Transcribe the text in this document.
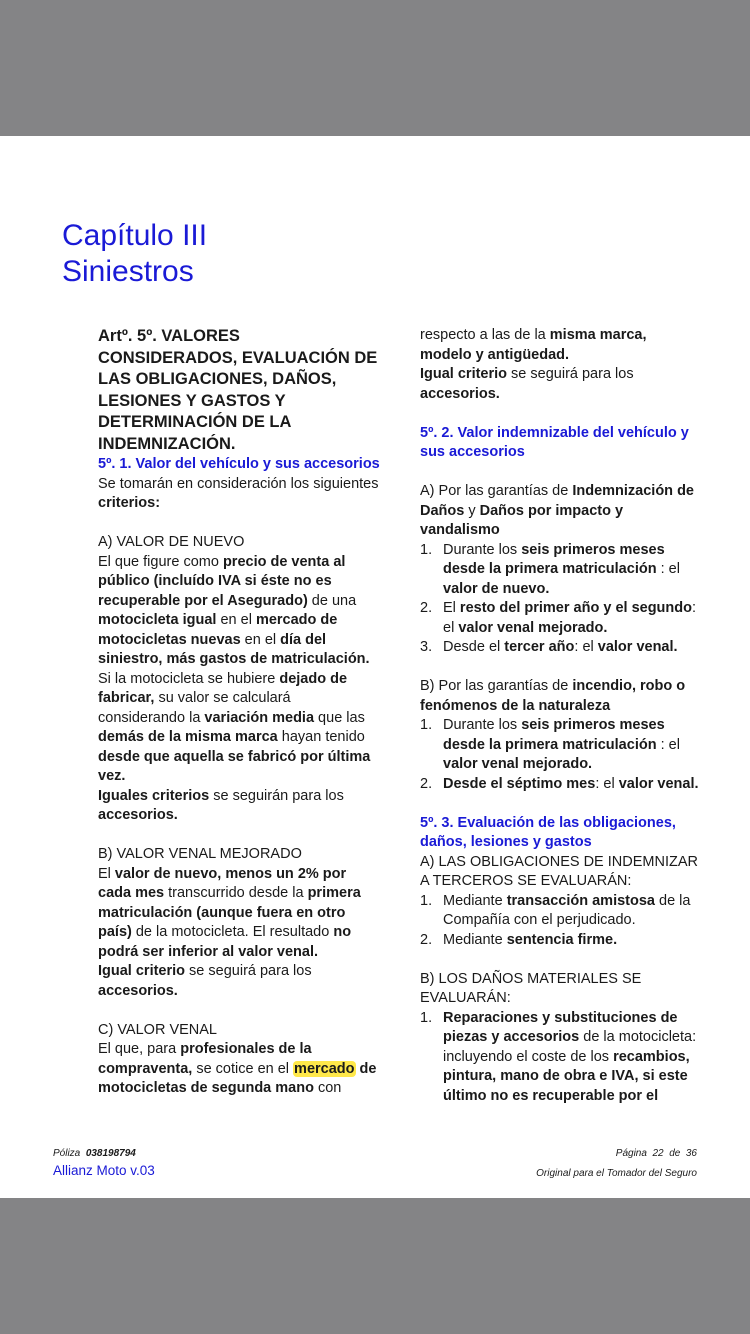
Capítulo III
Siniestros

Artº. 5º. VALORES CONSIDERADOS, EVALUACIÓN DE LAS OBLIGACIONES, DAÑOS, LESIONES Y GASTOS Y DETERMINACIÓN DE LA INDEMNIZACIÓN.

5º. 1. Valor del vehículo y sus accesorios

Se tomarán en consideración los siguientes criterios:

A) VALOR DE NUEVO

El que figure como precio de venta al público (incluído IVA si éste no es recuperable por el Asegurado) de una motocicleta igual en el mercado de motocicletas nuevas en el día del siniestro, más gastos de matriculación. Si la motocicleta se hubiere dejado de fabricar, su valor se calculará considerando la variación media que las demás de la misma marca hayan tenido desde que aquella se fabricó por última vez.

Iguales criterios se seguirán para los accesorios.

B) VALOR VENAL MEJORADO

El valor de nuevo, menos un 2% por cada mes transcurrido desde la primera matriculación (aunque fuera en otro país) de la motocicleta. El resultado no podrá ser inferior al valor venal.

Igual criterio se seguirá para los accesorios.

C) VALOR VENAL

El que, para profesionales de la compraventa, se cotice en el mercado de motocicletas de segunda mano con

respecto a las de la misma marca, modelo y antigüedad.

Igual criterio se seguirá para los accesorios.

5º. 2. Valor indemnizable del vehículo y sus accesorios

A) Por las garantías de Indemnización de Daños y Daños por impacto y vandalismo

1. Durante los seis primeros meses desde la primera matriculación : el valor de nuevo.
2. El resto del primer año y el segundo: el valor venal mejorado.
3. Desde el tercer año: el valor venal.

B) Por las garantías de incendio, robo o fenómenos de la naturaleza

1. Durante los seis primeros meses desde la primera matriculación : el valor venal mejorado.
2. Desde el séptimo mes: el valor venal.

5º. 3. Evaluación de las obligaciones, daños, lesiones y gastos

A) LAS OBLIGACIONES DE INDEMNIZAR A TERCEROS SE EVALUARÁN:

1. Mediante transacción amistosa de la Compañía con el perjudicado.
2. Mediante sentencia firme.

B) LOS DAÑOS MATERIALES SE EVALUARÁN:

1. Reparaciones y substituciones de piezas y accesorios de la motocicleta: incluyendo el coste de los recambios, pintura, mano de obra e IVA, si este último no es recuperable por el
Póliza 038198794
Allianz Moto v.03
Página 22 de 36
Original para el Tomador del Seguro
